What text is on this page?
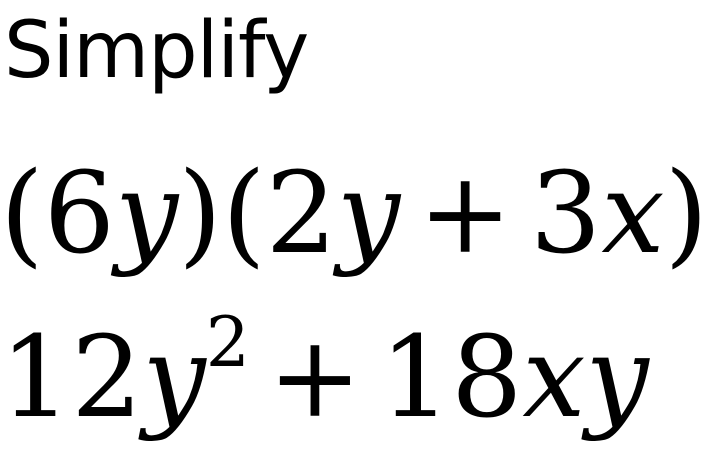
Simplify
(6y)(2y + 3x)
$12y^2 + 18xy$
